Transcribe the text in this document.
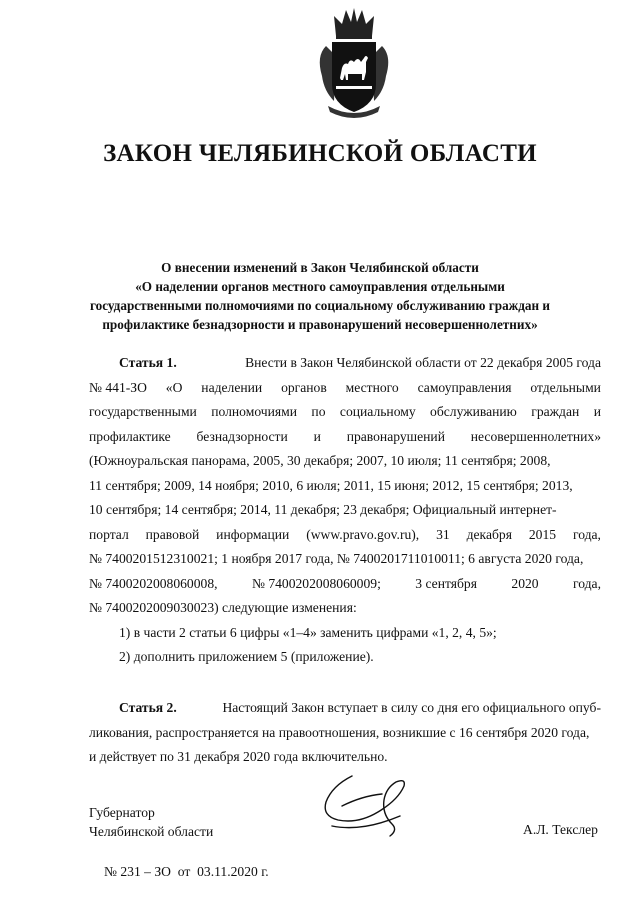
ЗАКОН ЧЕЛЯБИНСКОЙ ОБЛАСТИ
О внесении изменений в Закон Челябинской области
«О наделении органов местного самоуправления отдельными
государственными полномочиями по социальному обслуживанию граждан и
профилактике безнадзорности и правонарушений несовершеннолетних»
Статья 1.	Внести в Закон Челябинской области от 22 декабря 2005 года
№ 441-ЗО «О наделении органов местного самоуправления отдельными
государственными полномочиями по социальному обслуживанию граждан и
профилактике безнадзорности и правонарушений несовершеннолетних»
(Южноуральская панорама, 2005, 30 декабря; 2007, 10 июля; 11 сентября; 2008,
11 сентября; 2009, 14 ноября; 2010, 6 июля; 2011, 15 июня; 2012, 15 сентября; 2013,
10 сентября; 14 сентября; 2014, 11 декабря; 23 декабря; Официальный интернет-
портал правовой информации (www.pravo.gov.ru), 31 декабря 2015 года,
№ 7400201512310021; 1 ноября 2017 года, № 7400201711010011; 6 августа 2020 года,
№ 7400202008060008,	№ 7400202008060009;	3 сентября	2020	года,
№ 7400202009030023) следующие изменения:
1) в части 2 статьи 6 цифры «1–4» заменить цифрами «1, 2, 4, 5»;
2) дополнить приложением 5 (приложение).
Статья 2.	Настоящий Закон вступает в силу со дня его официального опуб-
ликования, распространяется на правоотношения, возникшие с 16 сентября 2020 года,
и действует по 31 декабря 2020 года включительно.
Губернатор
Челябинской области	А.Л. Текслер
№ 231 – ЗО  от  03.11.2020 г.
